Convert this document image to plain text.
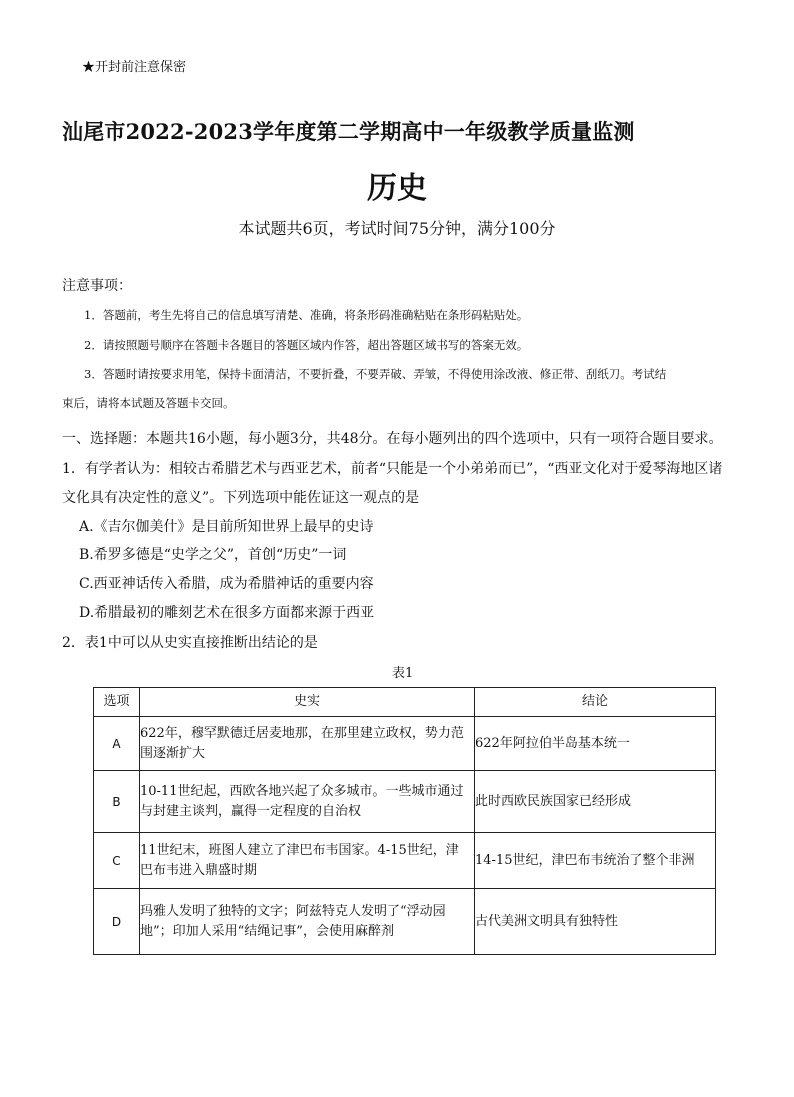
★开封前注意保密
汕尾市2022-2023学年度第二学期高中一年级教学质量监测
历史
本试题共6页，考试时间75分钟，满分100分
注意事项：
1．答题前，考生先将自己的信息填写清楚、准确，将条形码准确粘贴在条形码粘贴处。
2．请按照题号顺序在答题卡各题目的答题区域内作答，超出答题区域书写的答案无效。
3．答题时请按要求用笔，保持卡面清洁，不要折叠，不要弄破、弄皱，不得使用涂改液、修正带、刮纸刀。考试结
束后，请将本试题及答题卡交回。
一、选择题：本题共16小题，每小题3分，共48分。在每小题列出的四个选项中，只有一项符合题目要求。
1．有学者认为：相较古希腊艺术与西亚艺术，前者“只能是一个小弟弟而已”，“西亚文化对于爱琴海地区诸
文化具有决定性的意义”。下列选项中能佐证这一观点的是
A.《吉尔伽美什》是目前所知世界上最早的史诗
B.希罗多德是“史学之父”，首创“历史”一词
C.西亚神话传入希腊，成为希腊神话的重要内容
D.希腊最初的雕刻艺术在很多方面都来源于西亚
2．表1中可以从史实直接推断出结论的是
表1
选项	史实	结论
A	622年，穆罕默德迁居麦地那，在那里建立政权，势力范
围逐渐扩大	622年阿拉伯半岛基本统一
B	10-11世纪起，西欧各地兴起了众多城市。一些城市通过
与封建主谈判，赢得一定程度的自治权	此时西欧民族国家已经形成
C	11世纪末，班图人建立了津巴布韦国家。4-15世纪，津
巴布韦进入鼎盛时期	14-15世纪，津巴布韦统治了整个非洲
D	玛雅人发明了独特的文字；阿兹特克人发明了“浮动园
地”；印加人采用“结绳记事”，会使用麻醉剂	古代美洲文明具有独特性
